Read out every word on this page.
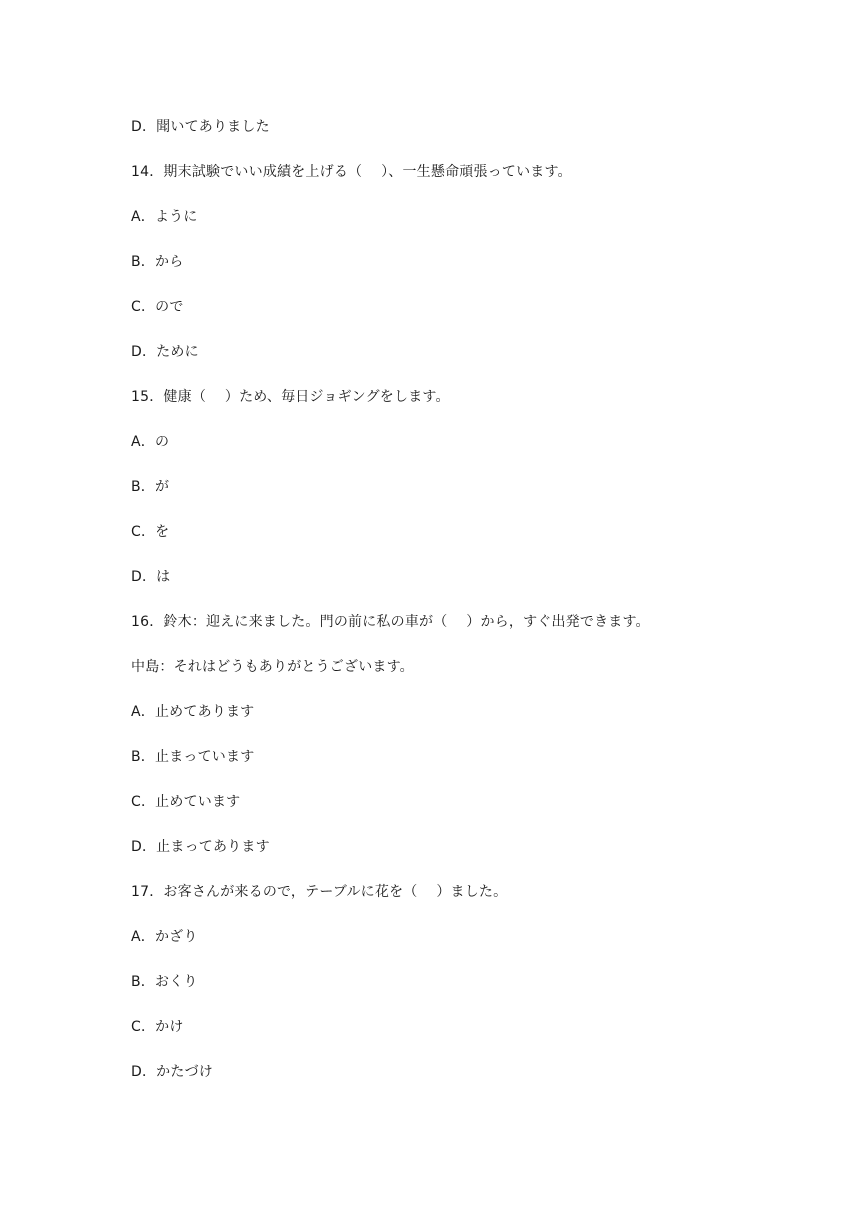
D．聞いてありました
14．期末試験でいい成績を上げる（　 ）、一生懸命頑張っています。
A．ように
B．から
C．ので
D．ために
15．健康（　 ）ため、毎日ジョギングをします。
A．の
B．が
C．を
D．は
16．鈴木：迎えに来ました。門の前に私の車が（　 ）から，すぐ出発できます。
中島：それはどうもありがとうございます。
A．止めてあります
B．止まっています
C．止めています
D．止まってあります
17．お客さんが来るので，テーブルに花を（　 ）ました。
A．かざり
B．おくり
C．かけ
D．かたづけ
